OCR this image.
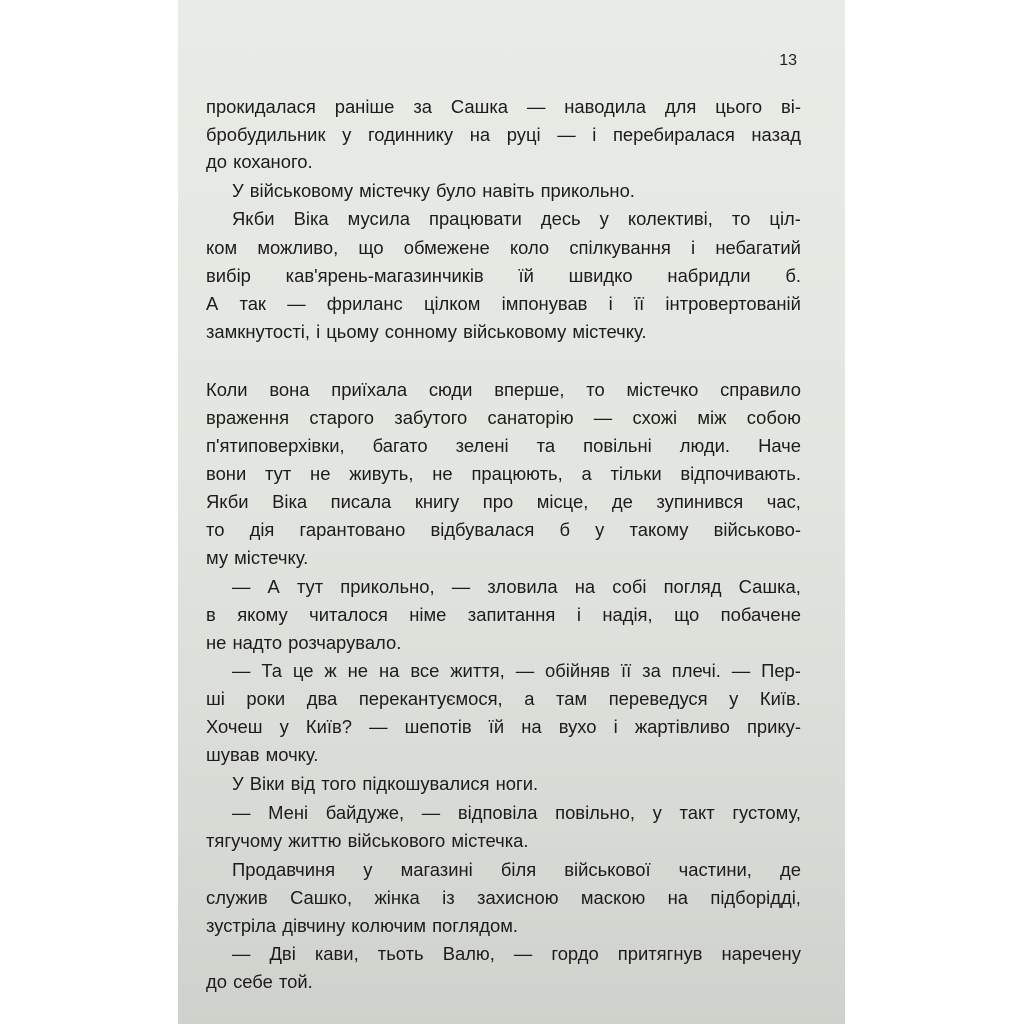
13
прокидалася раніше за Сашка — наводила для цього ві-
бробудильник у годиннику на руці — і перебиралася назад
до коханого.
У військовому містечку було навіть прикольно.
Якби Віка мусила працювати десь у колективі, то ціл-
ком можливо, що обмежене коло спілкування і небагатий
вибір кав'ярень-магазинчиків їй швидко набридли б.
А так — фриланс цілком імпонував і її інтровертованій
замкнутості, і цьому сонному військовому містечку.
Коли вона приїхала сюди вперше, то містечко справило
враження старого забутого санаторію — схожі між собою
п'ятиповерхівки, багато зелені та повільні люди. Наче
вони тут не живуть, не працюють, а тільки відпочивають.
Якби Віка писала книгу про місце, де зупинився час,
то дія гарантовано відбувалася б у такому військово-
му містечку.
— А тут прикольно, — зловила на собі погляд Сашка,
в якому читалося німе запитання і надія, що побачене
не надто розчарувало.
— Та це ж не на все життя, — обійняв її за плечі. — Пер-
ші роки два перекантуємося, а там переведуся у Київ.
Хочеш у Київ? — шепотів їй на вухо і жартівливо прику-
шував мочку.
У Віки від того підкошувалися ноги.
— Мені байдуже, — відповіла повільно, у такт густому,
тягучому життю військового містечка.
Продавчиня у магазині біля військової частини, де
служив Сашко, жінка із захисною маскою на підборідді,
зустріла дівчину колючим поглядом.
— Дві кави, тьоть Валю, — гордо притягнув наречену
до себе той.
